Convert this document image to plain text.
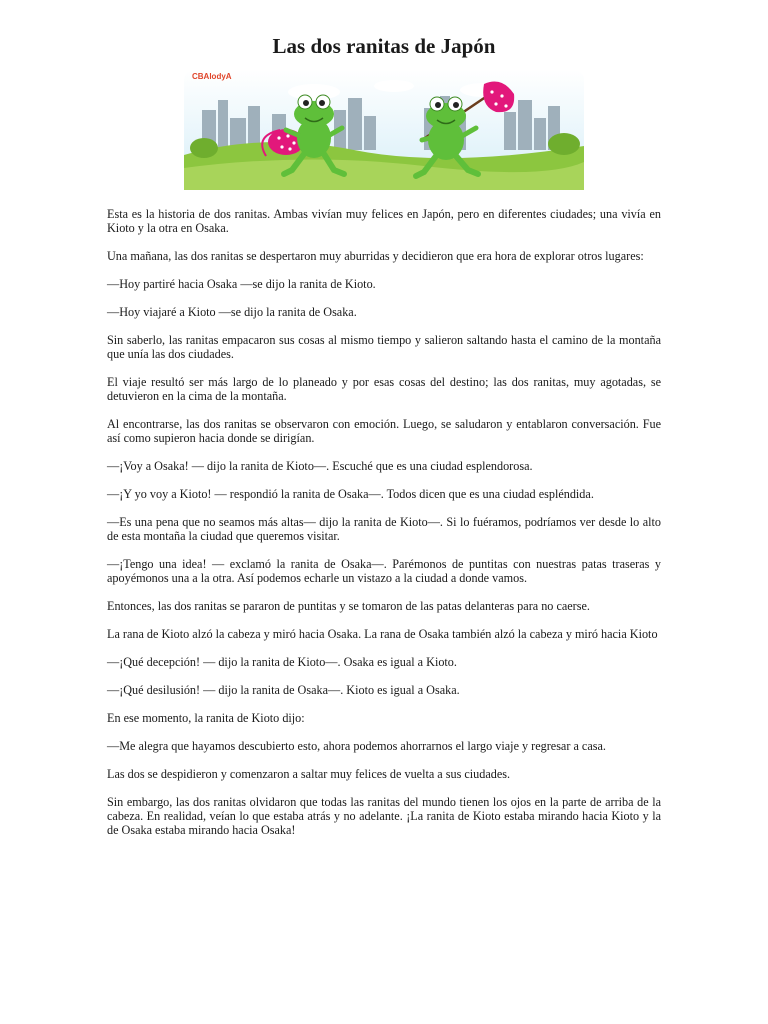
Las dos ranitas de Japón
CBAlodyA

Esta es la historia de dos ranitas. Ambas vivían muy felices en Japón, pero en diferentes ciudades; una vivía en Kioto y la otra en Osaka.

Una mañana, las dos ranitas se despertaron muy aburridas y decidieron que era hora de explorar otros lugares:

—Hoy partiré hacia Osaka —se dijo la ranita de Kioto.

—Hoy viajaré a Kioto —se dijo la ranita de Osaka.

Sin saberlo, las ranitas empacaron sus cosas al mismo tiempo y salieron saltando hasta el camino de la montaña que unía las dos ciudades.

El viaje resultó ser más largo de lo planeado y por esas cosas del destino; las dos ranitas, muy agotadas, se detuvieron en la cima de la montaña.

Al encontrarse, las dos ranitas se observaron con emoción. Luego, se saludaron y entablaron conversación. Fue así como supieron hacia donde se dirigían.

—¡Voy a Osaka! — dijo la ranita de Kioto—. Escuché que es una ciudad esplendorosa.

—¡Y yo voy a Kioto! — respondió la ranita de Osaka—. Todos dicen que es una ciudad espléndida.

—Es una pena que no seamos más altas— dijo la ranita de Kioto—. Si lo fuéramos, podríamos ver desde lo alto de esta montaña la ciudad que queremos visitar.

—¡Tengo una idea! — exclamó la ranita de Osaka—. Parémonos de puntitas con nuestras patas traseras y apoyémonos una a la otra. Así podemos echarle un vistazo a la ciudad a donde vamos.

Entonces, las dos ranitas se pararon de puntitas y se tomaron de las patas delanteras para no caerse.

La rana de Kioto alzó la cabeza y miró hacia Osaka. La rana de Osaka también alzó la cabeza y miró hacia Kioto

—¡Qué decepción! — dijo la ranita de Kioto—. Osaka es igual a Kioto.

—¡Qué desilusión! — dijo la ranita de Osaka—. Kioto es igual a Osaka.

En ese momento, la ranita de Kioto dijo:

—Me alegra que hayamos descubierto esto, ahora podemos ahorrarnos el largo viaje y regresar a casa.

Las dos se despidieron y comenzaron a saltar muy felices de vuelta a sus ciudades.

Sin embargo, las dos ranitas olvidaron que todas las ranitas del mundo tienen los ojos en la parte de arriba de la cabeza. En realidad, veían lo que estaba atrás y no adelante. ¡La ranita de Kioto estaba mirando hacia Kioto y la de Osaka estaba mirando hacia Osaka!
